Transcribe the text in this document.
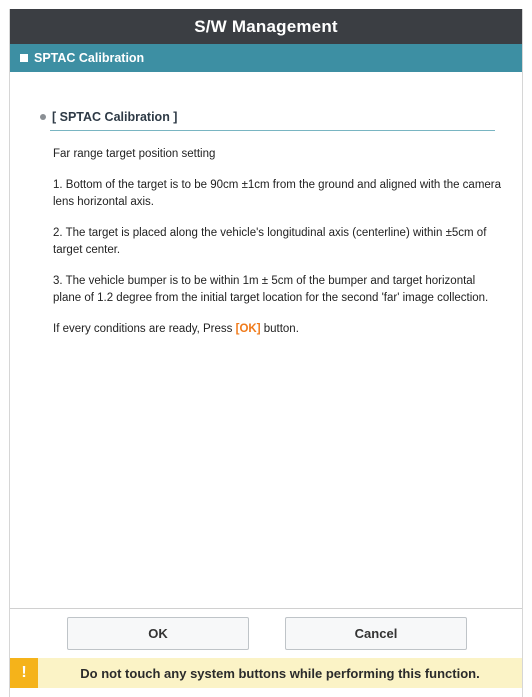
S/W Management
SPTAC Calibration
[ SPTAC Calibration ]

Far range target position setting

1. Bottom of the target is to be 90cm ±1cm from the ground and aligned with the camera lens horizontal axis.

2. The target is placed along the vehicle's longitudinal axis (centerline) within ±5cm of target center.

3. The vehicle bumper is to be within 1m ± 5cm of the bumper and target horizontal plane of 1.2 degree from the initial target location for the second 'far' image collection.

If every conditions are ready, Press [OK] button.

OK	Cancel
!	Do not touch any system buttons while performing this function.
